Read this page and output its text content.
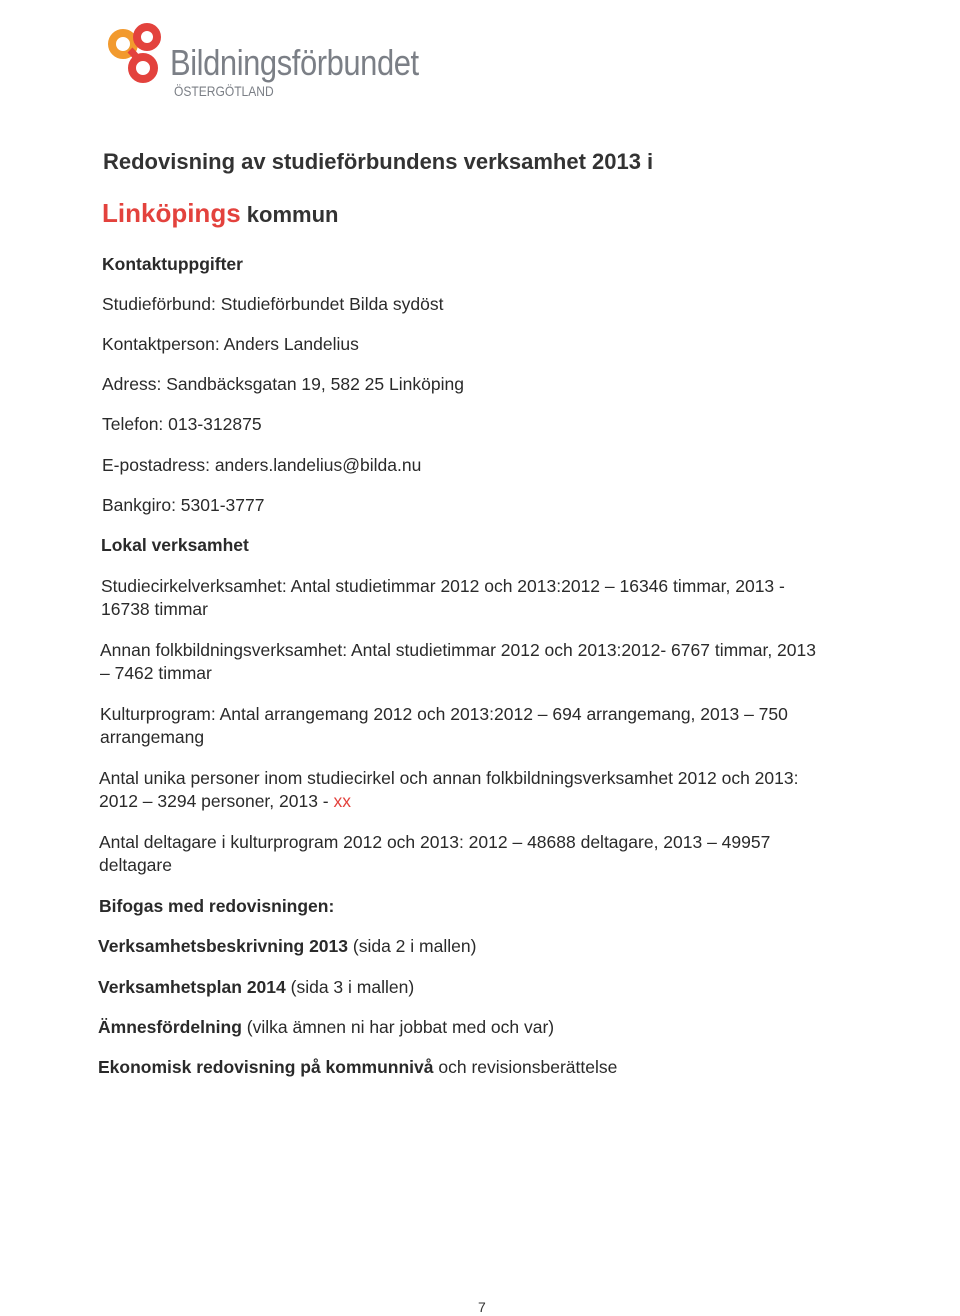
Bildningsförbundet
ÖSTERGÖTLAND
Redovisning av studieförbundens verksamhet 2013 i
Linköpings kommun
Kontaktuppgifter
Studieförbund: Studieförbundet Bilda sydöst
Kontaktperson: Anders Landelius
Adress: Sandbäcksgatan 19, 582 25 Linköping
Telefon: 013-312875
E-postadress: anders.landelius@bilda.nu
Bankgiro: 5301-3777
Lokal verksamhet
Studiecirkelverksamhet: Antal studietimmar 2012 och 2013:2012 – 16346 timmar, 2013 -
16738 timmar
Annan folkbildningsverksamhet: Antal studietimmar 2012 och 2013:2012- 6767 timmar, 2013
– 7462 timmar
Kulturprogram: Antal arrangemang 2012 och 2013:2012 – 694 arrangemang, 2013 – 750
arrangemang
Antal unika personer inom studiecirkel och annan folkbildningsverksamhet 2012 och 2013:
2012 – 3294 personer, 2013 - xx
Antal deltagare i kulturprogram 2012 och 2013: 2012 – 48688 deltagare, 2013 – 49957
deltagare
Bifogas med redovisningen:
Verksamhetsbeskrivning 2013 (sida 2 i mallen)
Verksamhetsplan 2014 (sida 3 i mallen)
Ämnesfördelning (vilka ämnen ni har jobbat med och var)
Ekonomisk redovisning på kommunnivå och revisionsberättelse
7
